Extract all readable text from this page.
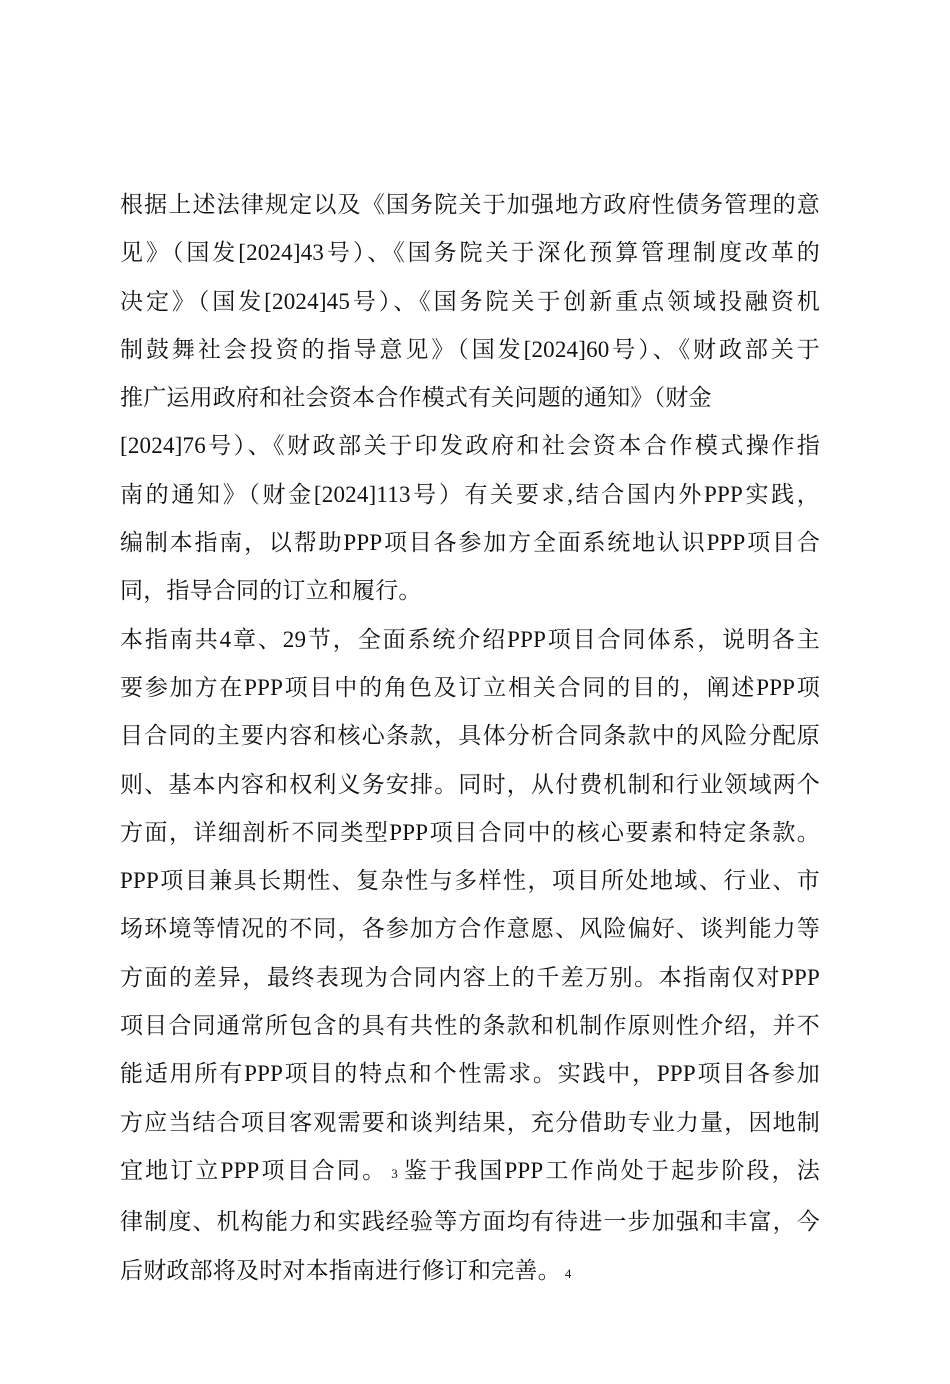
根据上述法律规定以及《国务院关于加强地方政府性债务管理的意
见》（国发[2024]43号）、《国务院关于深化预算管理制度改革的
决定》（国发[2024]45号）、《国务院关于创新重点领域投融资机
制鼓舞社会投资的指导意见》（国发[2024]60号）、《财政部关于
推广运用政府和社会资本合作模式有关问题的通知》（财金
[2024]76号）、《财政部关于印发政府和社会资本合作模式操作指
南的通知》（财金[2024]113号）有关要求,结合国内外PPP实践，
编制本指南，以帮助PPP项目各参加方全面系统地认识PPP项目合
同，指导合同的订立和履行。
本指南共4章、29节，全面系统介绍PPP项目合同体系，说明各主
要参加方在PPP项目中的角色及订立相关合同的目的，阐述PPP项
目合同的主要内容和核心条款，具体分析合同条款中的风险分配原
则、基本内容和权利义务安排。同时，从付费机制和行业领域两个
方面，详细剖析不同类型PPP项目合同中的核心要素和特定条款。
PPP项目兼具长期性、复杂性与多样性，项目所处地域、行业、市
场环境等情况的不同，各参加方合作意愿、风险偏好、谈判能力等
方面的差异，最终表现为合同内容上的千差万别。本指南仅对PPP
项目合同通常所包含的具有共性的条款和机制作原则性介绍，并不
能适用所有PPP项目的特点和个性需求。实践中，PPP项目各参加
方应当结合项目客观需要和谈判结果，充分借助专业力量，因地制
宜地订立PPP项目合同。 3 鉴于我国PPP工作尚处于起步阶段，法
律制度、机构能力和实践经验等方面均有待进一步加强和丰富，今
后财政部将及时对本指南进行修订和完善。 4
